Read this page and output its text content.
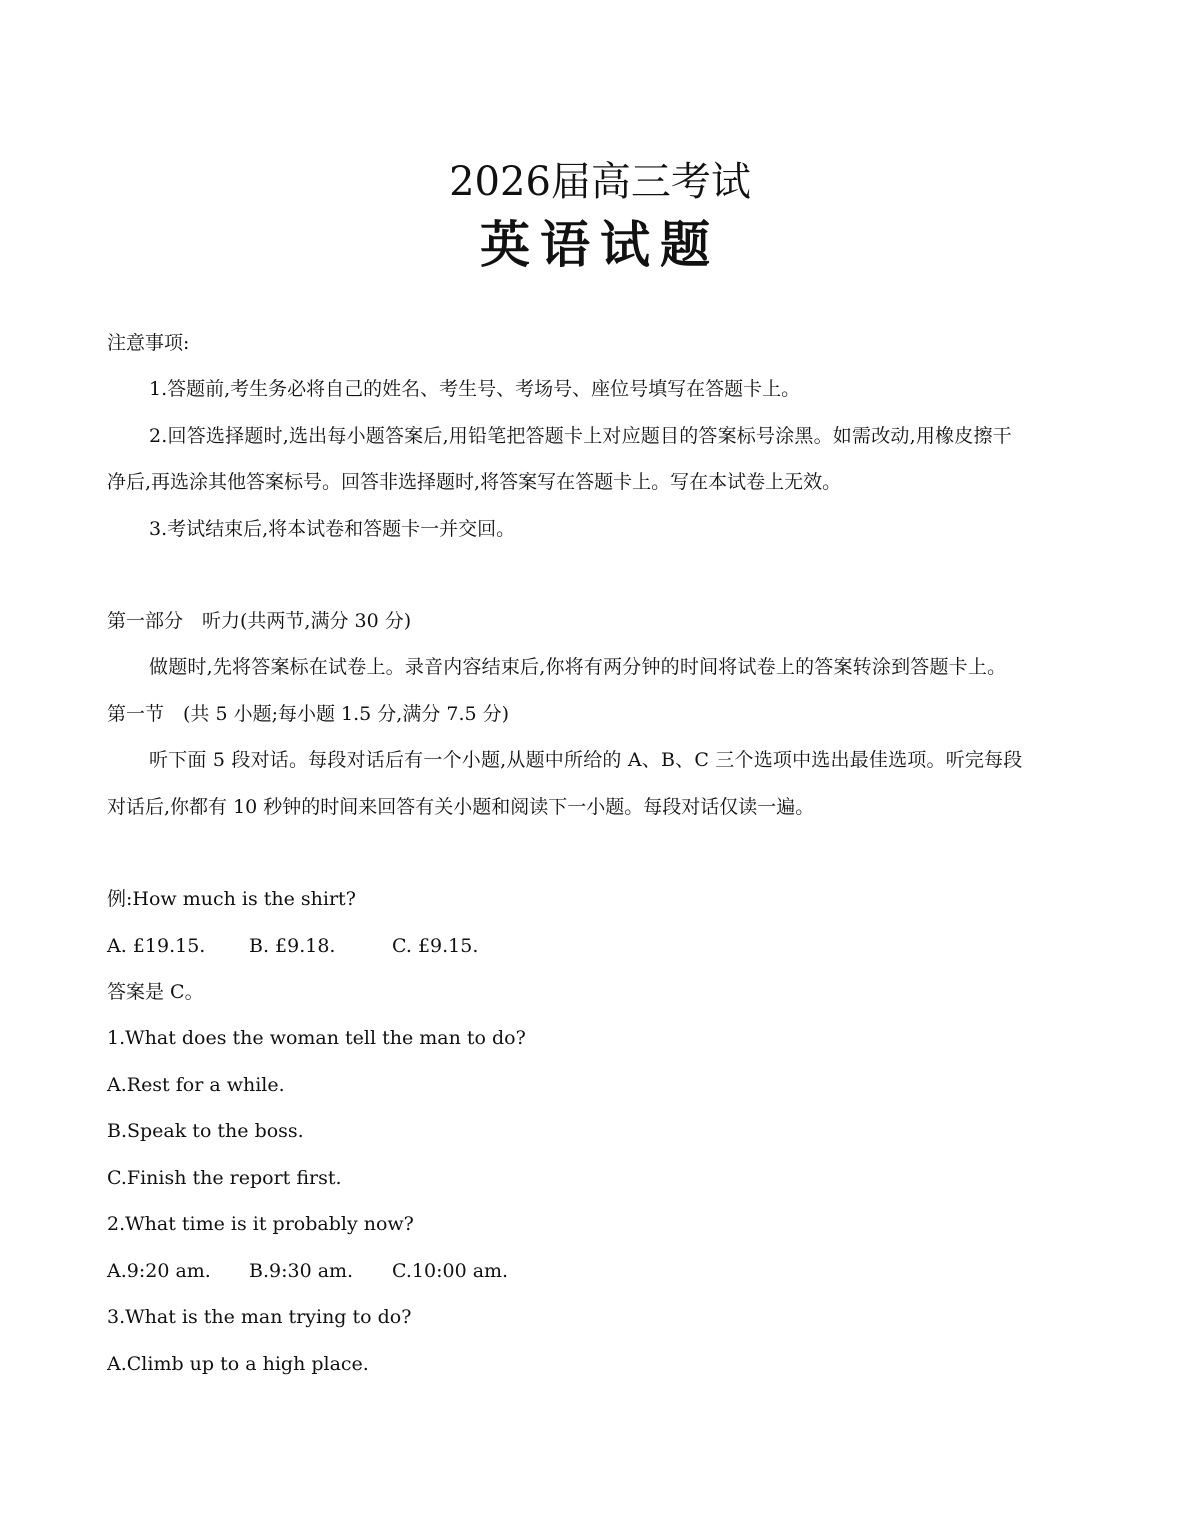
2026届高三考试
英语试题
注意事项:
1.答题前,考生务必将自己的姓名、考生号、考场号、座位号填写在答题卡上。
2.回答选择题时,选出每小题答案后,用铅笔把答题卡上对应题目的答案标号涂黑。如需改动,用橡皮擦干
净后,再选涂其他答案标号。回答非选择题时,将答案写在答题卡上。写在本试卷上无效。
3.考试结束后,将本试卷和答题卡一并交回。
第一部分　听力(共两节,满分 30 分)
做题时,先将答案标在试卷上。录音内容结束后,你将有两分钟的时间将试卷上的答案转涂到答题卡上。
第一节　(共 5 小题;每小题 1.5 分,满分 7.5 分)
听下面 5 段对话。每段对话后有一个小题,从题中所给的 A、B、C 三个选项中选出最佳选项。听完每段
对话后,你都有 10 秒钟的时间来回答有关小题和阅读下一小题。每段对话仅读一遍。
例:How much is the shirt?
A. £19.15. B. £9.18.	C. £9.15.
答案是 C。
1.What does the woman tell the man to do?
A.Rest for a while.
B.Speak to the boss.
C.Finish the report first.
2.What time is it probably now?
A.9:20 am. B.9:30 am. C.10:00 am.
3.What is the man trying to do?
A.Climb up to a high place.
